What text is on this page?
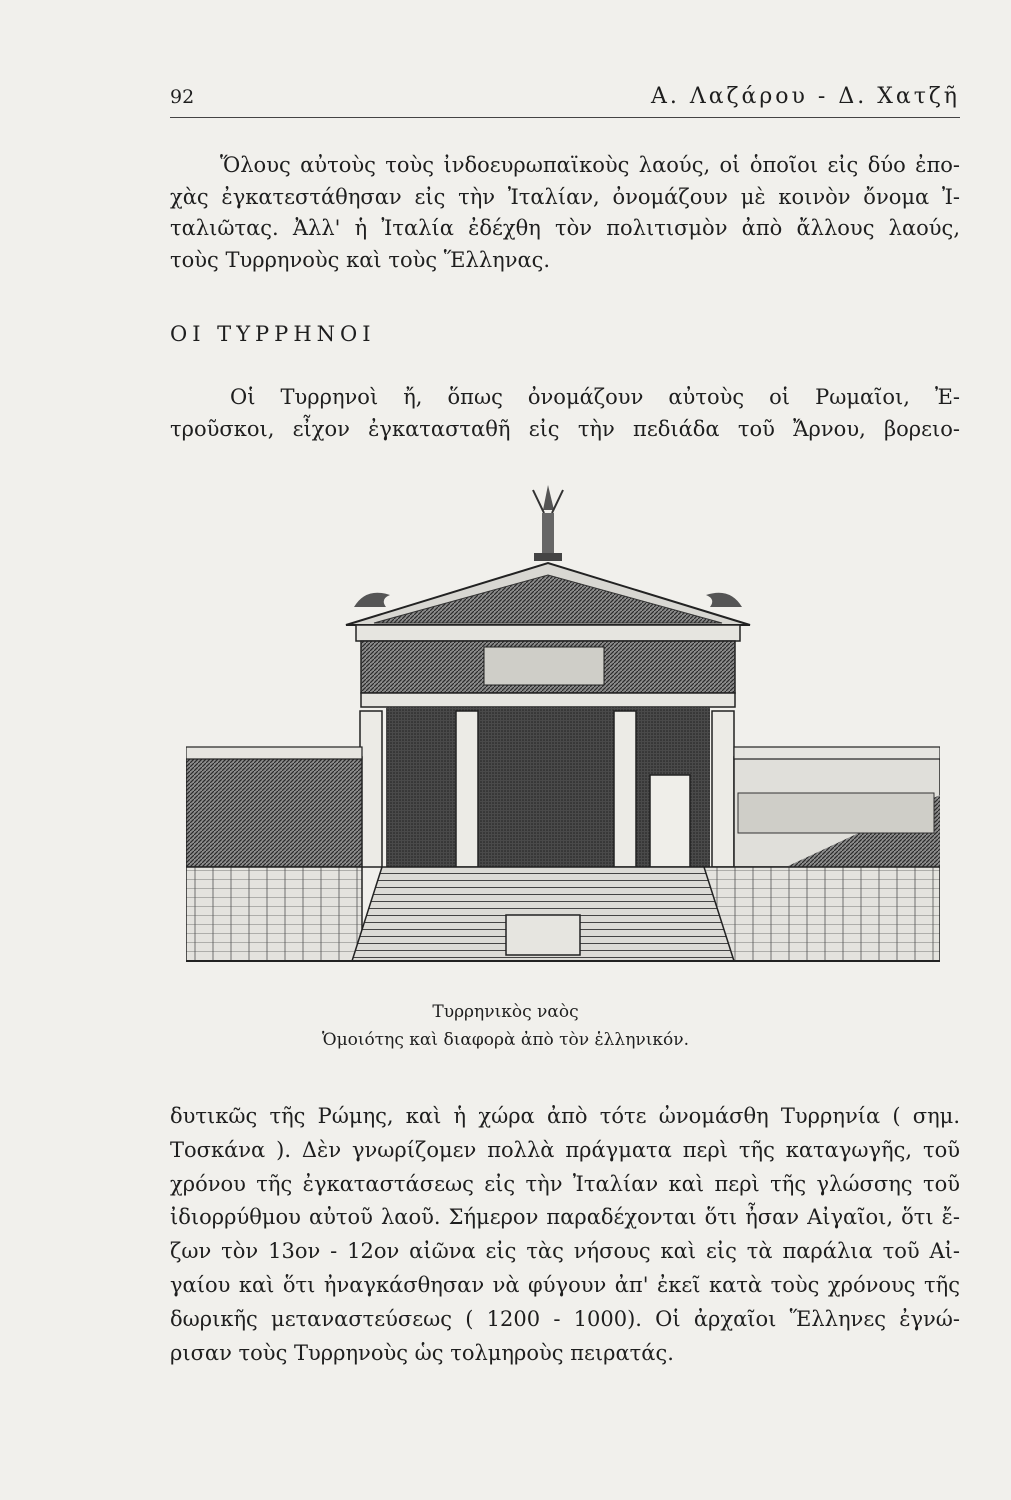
92	Α. Λαζάρου - Δ. Χατζῆ
Ὅλους αὐτοὺς τοὺς ἰνδοευρωπαϊκοὺς λαούς, οἱ ὁποῖοι εἰς δύο ἐπο-
χὰς ἐγκατεστάθησαν εἰς τὴν Ἰταλίαν, ὀνομάζουν μὲ κοινὸν ὄνομα Ἰ-
ταλιῶτας. Ἀλλ' ἡ Ἰταλία ἐδέχθη τὸν πολιτισμὸν ἀπὸ ἄλλους λαούς,
τοὺς Τυρρηνοὺς καὶ τοὺς Ἕλληνας.
ΟΙ ΤΥΡΡΗΝΟΙ
Οἱ Τυρρηνοὶ ἤ, ὅπως ὀνομάζουν αὐτοὺς οἱ Ρωμαῖοι, Ἐ-
τροῦσκοι, εἶχον ἐγκατασταθῆ εἰς τὴν πεδιάδα τοῦ Ἄρνου, βορειο-
Τυρρηνικὸς ναὸς
Ὁμοιότης καὶ διαφορὰ ἀπὸ τὸν ἑλληνικόν.
δυτικῶς τῆς Ρώμης, καὶ ἡ χώρα ἀπὸ τότε ὠνομάσθη Τυρρηνία ( σημ.
Τοσκάνα ). Δὲν γνωρίζομεν πολλὰ πράγματα περὶ τῆς καταγωγῆς, τοῦ
χρόνου τῆς ἐγκαταστάσεως εἰς τὴν Ἰταλίαν καὶ περὶ τῆς γλώσσης τοῦ
ἰδιορρύθμου αὐτοῦ λαοῦ. Σήμερον παραδέχονται ὅτι ἦσαν Αἰγαῖοι, ὅτι ἔ-
ζων τὸν 13ον - 12ον αἰῶνα εἰς τὰς νήσους καὶ εἰς τὰ παράλια τοῦ Αἰ-
γαίου καὶ ὅτι ἠναγκάσθησαν νὰ φύγουν ἀπ' ἐκεῖ κατὰ τοὺς χρόνους τῆς
δωρικῆς μεταναστεύσεως ( 1200 - 1000). Οἱ ἀρχαῖοι Ἕλληνες ἐγνώ-
ρισαν τοὺς Τυρρηνοὺς ὡς τολμηροὺς πειρατάς.
